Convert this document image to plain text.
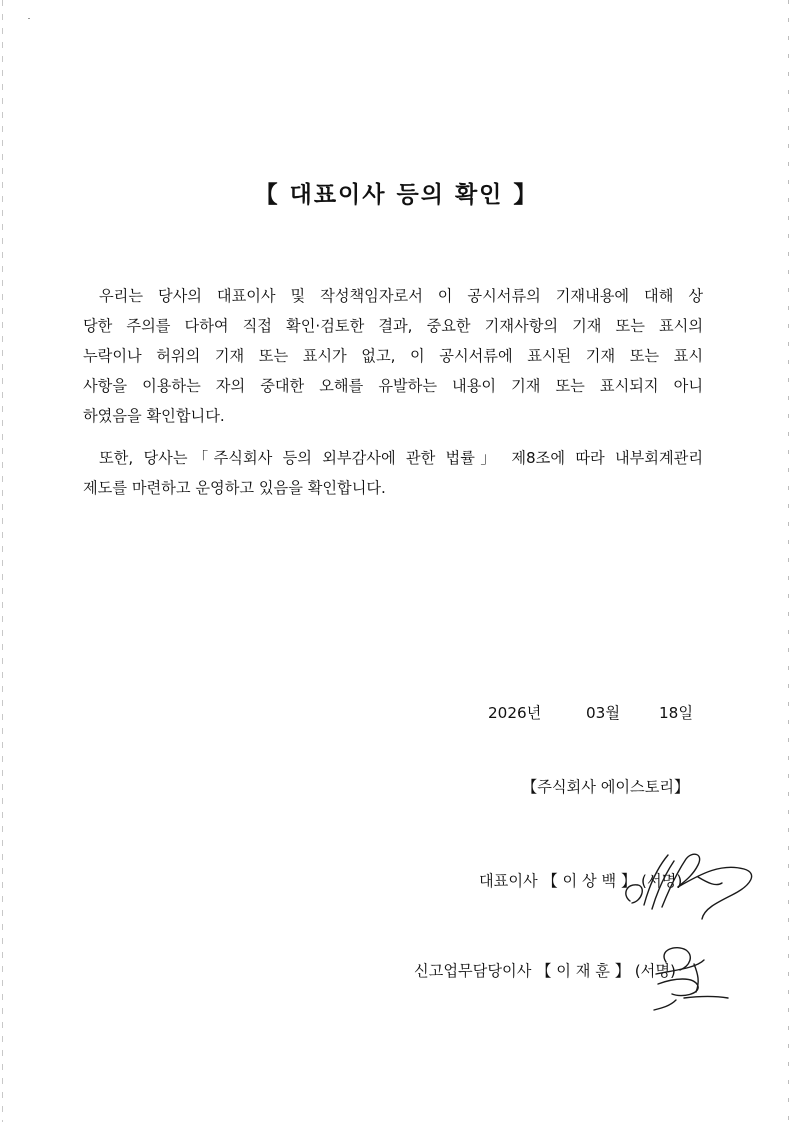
【 대표이사 등의 확인 】

우리는 당사의 대표이사 및 작성책임자로서 이 공시서류의 기재내용에 대해 상
당한 주의를 다하여 직접 확인·검토한 결과, 중요한 기재사항의 기재 또는 표시의
누락이나 허위의 기재 또는 표시가 없고, 이 공시서류에 표시된 기재 또는 표시
사항을 이용하는 자의 중대한 오해를 유발하는 내용이 기재 또는 표시되지 아니
하였음을 확인합니다.

또한, 당사는「주식회사 등의 외부감사에 관한 법률」 제8조에 따라 내부회계관리
제도를 마련하고 운영하고 있음을 확인합니다.

2026년	03월	18일
【주식회사 에이스토리】
대표이사 【 이 상 백 】 (서명)
신고업무담당이사 【 이 재 훈 】 (서명)
